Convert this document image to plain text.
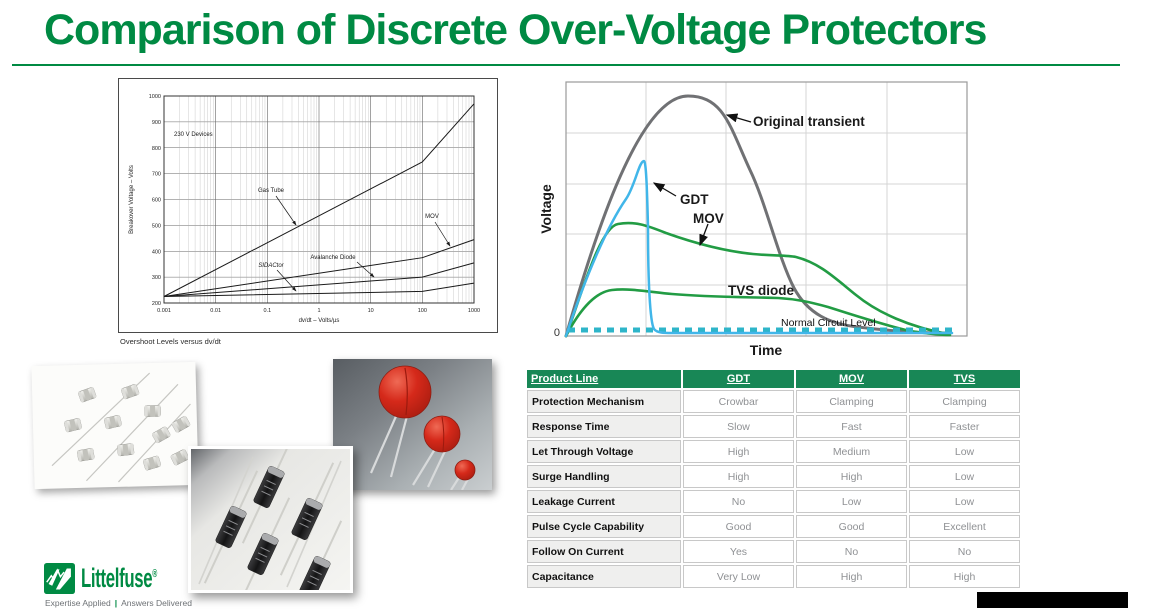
Comparison of Discrete Over-Voltage Protectors
200
300
400
500
600
700
800
900
1000
0.001	0.01	0.1	1	10	100	1000
Breakover Voltage – Volts
dv/dt – Volts/µs
230 V Devices
Gas Tube
SIDACtor
Avalanche Diode
MOV
Overshoot Levels versus dv/dt
Voltage
Time
0
Original transient
GDT
MOV
TVS diode
Normal Circuit Level
Product Line	GDT	MOV	TVS
Protection Mechanism	Crowbar	Clamping	Clamping
Response Time	Slow	Fast	Faster
Let Through Voltage	High	Medium	Low
Surge Handling	High	High	Low
Leakage Current	No	Low	Low
Pulse Cycle Capability	Good	Good	Excellent
Follow On Current	Yes	No	No
Capacitance	Very Low	High	High
Littelfuse®
Expertise Applied | Answers Delivered
